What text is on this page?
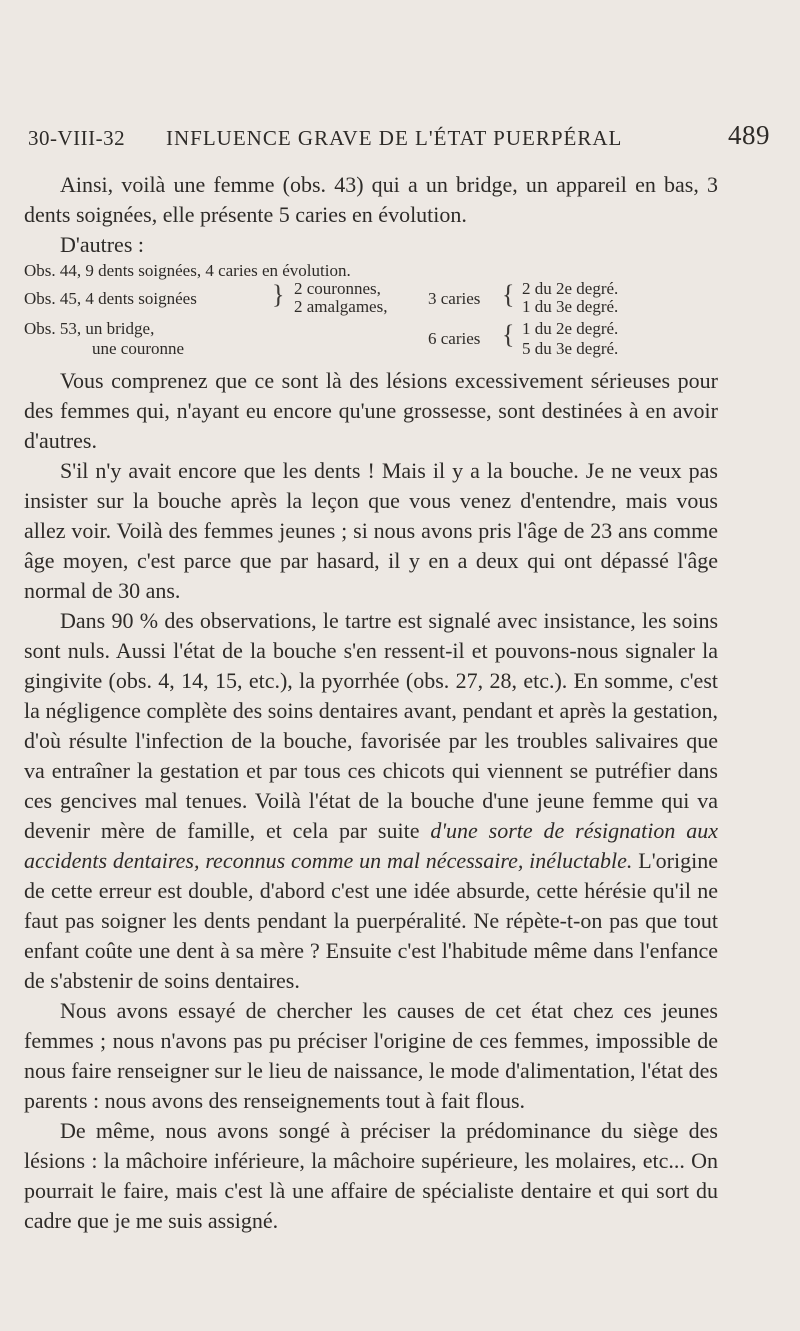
30-VIII-32 INFLUENCE GRAVE DE L'ÉTAT PUERPÉRAL	489

Ainsi, voilà une femme (obs. 43) qui a un bridge, un appareil en bas, 3 dents soignées, elle présente 5 caries en évolution.

D'autres :

Obs. 44, 9 dents soignées, 4 caries en évolution.
Obs. 45, 4 dents soignées	} 2 couronnes,
2 amalgames, 3 caries { 2 du 2e degré.
1 du 3e degré.
Obs. 53, un bridge,
une couronne
6 caries { 1 du 2e degré.
5 du 3e degré.

Vous comprenez que ce sont là des lésions excessivement sérieuses pour des femmes qui, n'ayant eu encore qu'une grossesse, sont destinées à en avoir d'autres.

S'il n'y avait encore que les dents ! Mais il y a la bouche. Je ne veux pas insister sur la bouche après la leçon que vous venez d'entendre, mais vous allez voir. Voilà des femmes jeunes ; si nous avons pris l'âge de 23 ans comme âge moyen, c'est parce que par hasard, il y en a deux qui ont dépassé l'âge normal de 30 ans.

Dans 90 % des observations, le tartre est signalé avec insistance, les soins sont nuls. Aussi l'état de la bouche s'en ressent-il et pouvons-nous signaler la gingivite (obs. 4, 14, 15, etc.), la pyorrhée (obs. 27, 28, etc.). En somme, c'est la négligence complète des soins dentaires avant, pendant et après la gestation, d'où résulte l'infection de la bouche, favorisée par les troubles salivaires que va entraîner la gestation et par tous ces chicots qui viennent se putréfier dans ces gencives mal tenues. Voilà l'état de la bouche d'une jeune femme qui va devenir mère de famille, et cela par suite d'une sorte de résignation aux accidents dentaires, reconnus comme un mal nécessaire, inéluctable. L'origine de cette erreur est double, d'abord c'est une idée absurde, cette hérésie qu'il ne faut pas soigner les dents pendant la puerpéralité. Ne répète-t-on pas que tout enfant coûte une dent à sa mère ? Ensuite c'est l'habitude même dans l'enfance de s'abstenir de soins dentaires.

Nous avons essayé de chercher les causes de cet état chez ces jeunes femmes ; nous n'avons pas pu préciser l'origine de ces femmes, impossible de nous faire renseigner sur le lieu de naissance, le mode d'alimentation, l'état des parents : nous avons des renseignements tout à fait flous.

De même, nous avons songé à préciser la prédominance du siège des lésions : la mâchoire inférieure, la mâchoire supérieure, les molaires, etc... On pourrait le faire, mais c'est là une affaire de spécialiste dentaire et qui sort du cadre que je me suis assigné.
